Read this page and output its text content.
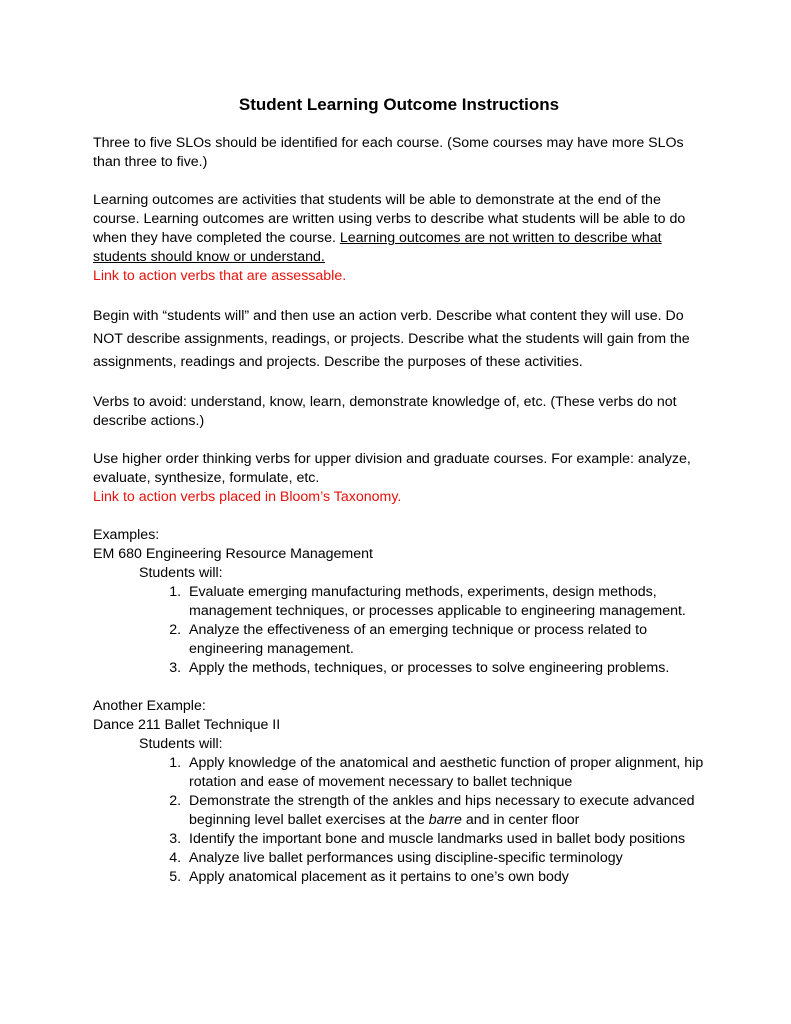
Student Learning Outcome Instructions

Three to five SLOs should be identified for each course. (Some courses may have more SLOs than three to five.)

Learning outcomes are activities that students will be able to demonstrate at the end of the course. Learning outcomes are written using verbs to describe what students will be able to do when they have completed the course. Learning outcomes are not written to describe what students should know or understand.

Link to action verbs that are assessable.

Begin with “students will” and then use an action verb. Describe what content they will use. Do NOT describe assignments, readings, or projects. Describe what the students will gain from the assignments, readings and projects. Describe the purposes of these activities.

Verbs to avoid: understand, know, learn, demonstrate knowledge of, etc. (These verbs do not describe actions.)

Use higher order thinking verbs for upper division and graduate courses. For example: analyze, evaluate, synthesize, formulate, etc.

Link to action verbs placed in Bloom’s Taxonomy.

Examples:

EM 680 Engineering Resource Management

Students will:

1. Evaluate emerging manufacturing methods, experiments, design methods, management techniques, or processes applicable to engineering management.
2. Analyze the effectiveness of an emerging technique or process related to engineering management.
3. Apply the methods, techniques, or processes to solve engineering problems.

Another Example:

Dance 211 Ballet Technique II

Students will:

1. Apply knowledge of the anatomical and aesthetic function of proper alignment, hip rotation and ease of movement necessary to ballet technique
2. Demonstrate the strength of the ankles and hips necessary to execute advanced beginning level ballet exercises at the barre and in center floor
3. Identify the important bone and muscle landmarks used in ballet body positions
4. Analyze live ballet performances using discipline-specific terminology
5. Apply anatomical placement as it pertains to one’s own body
